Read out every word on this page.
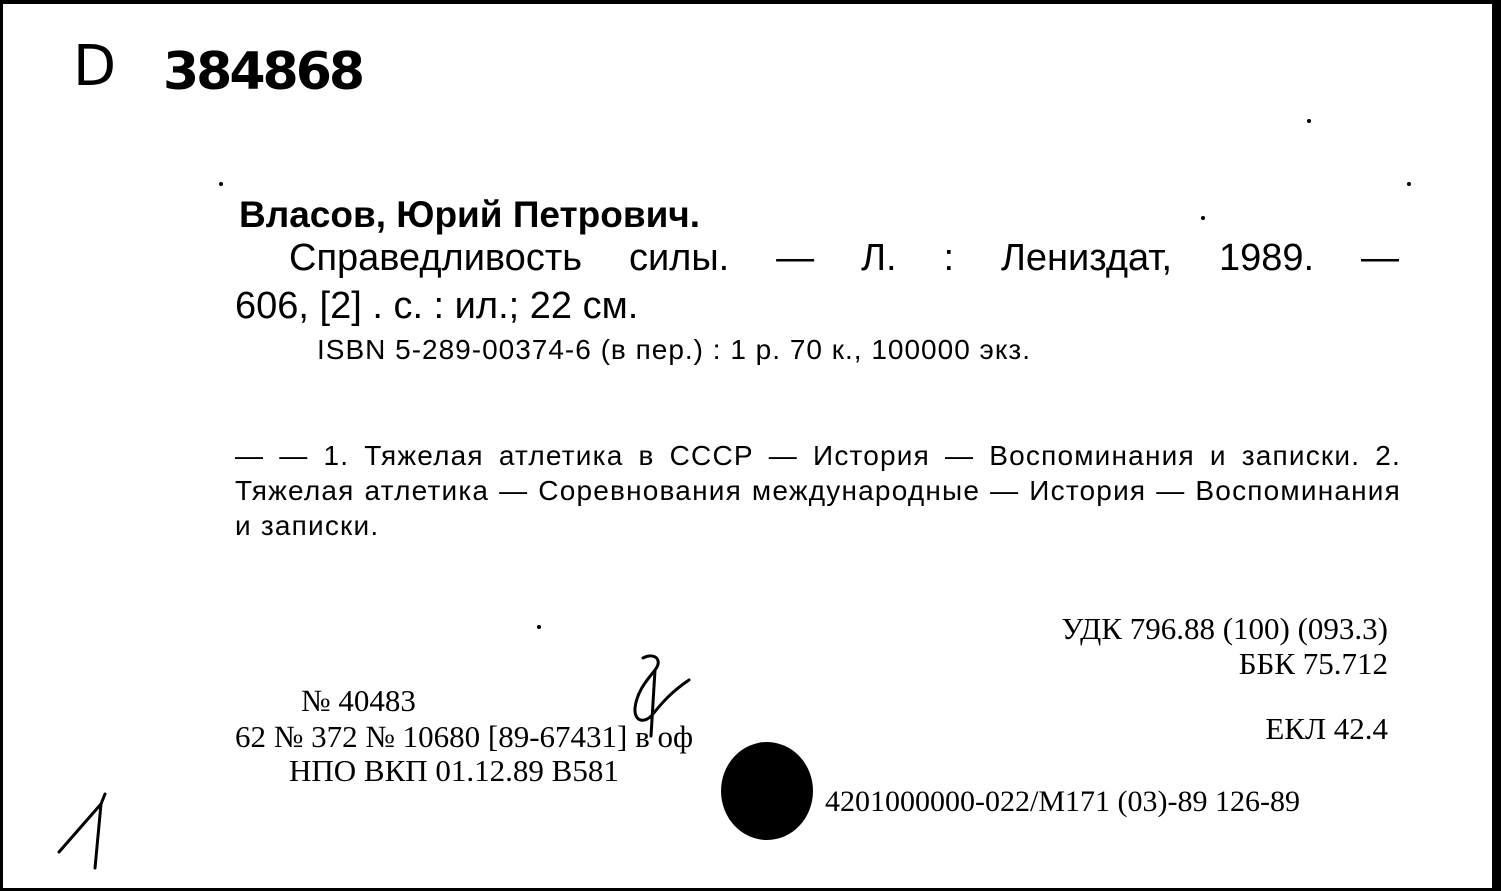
D 384868
Власов, Юрий Петрович.
Справедливость силы. — Л. : Лениздат, 1989. —
606, [2] . с. : ил.; 22 см.
ISBN 5-289-00374-6 (в пер.) : 1 р. 70 к., 100000 экз.
— — 1. Тяжелая атлетика в СССР — История — Воспоминания и записки. 2. Тяжелая атлетика — Соревнования международные — История — Воспоминания и записки.
УДК 796.88 (100) (093.3)
ББК 75.712
ЕКЛ 42.4
№ 40483
62 № 372 № 10680 [89-67431] в оф
НПО ВКП 01.12.89 В581
4201000000-022/М171 (03)-89 126-89
